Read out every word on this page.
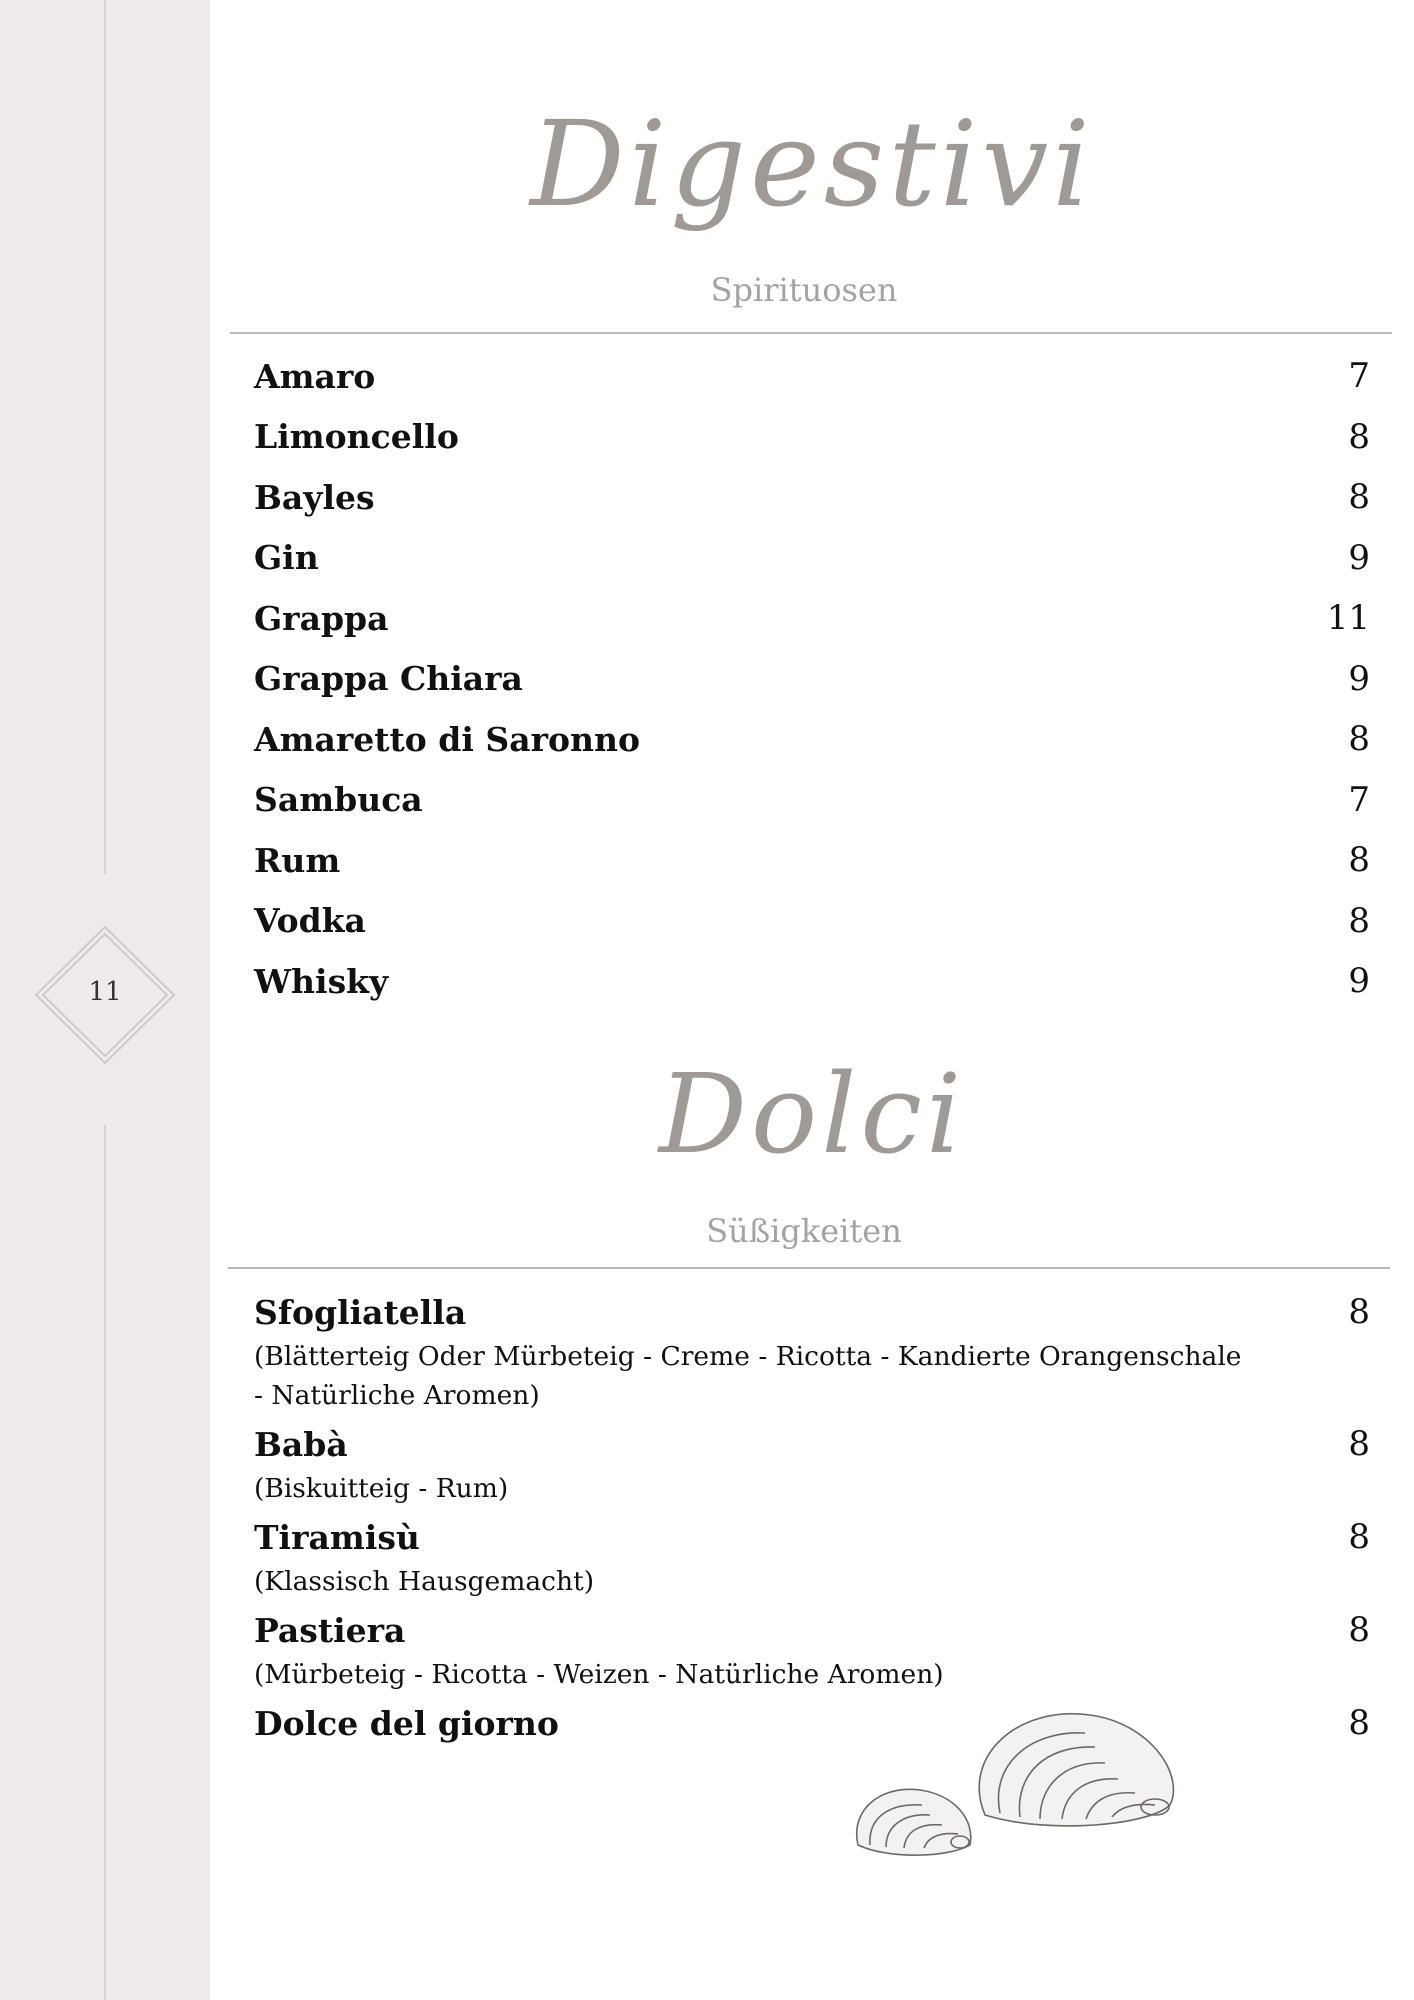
11
Digestivi
Spirituosen
Amaro	7
Limoncello	8
Bayles	8
Gin	9
Grappa	11
Grappa Chiara	9
Amaretto di Saronno	8
Sambuca	7
Rum	8
Vodka	8
Whisky	9
Dolci
Süßigkeiten
Sfogliatella	8
(Blätterteig Oder Mürbeteig - Creme - Ricotta - Kandierte Orangenschale - Natürliche Aromen)
Babà	8
(Biskuitteig - Rum)
Tiramisù	8
(Klassisch Hausgemacht)
Pastiera	8
(Mürbeteig - Ricotta - Weizen - Natürliche Aromen)
Dolce del giorno	8
